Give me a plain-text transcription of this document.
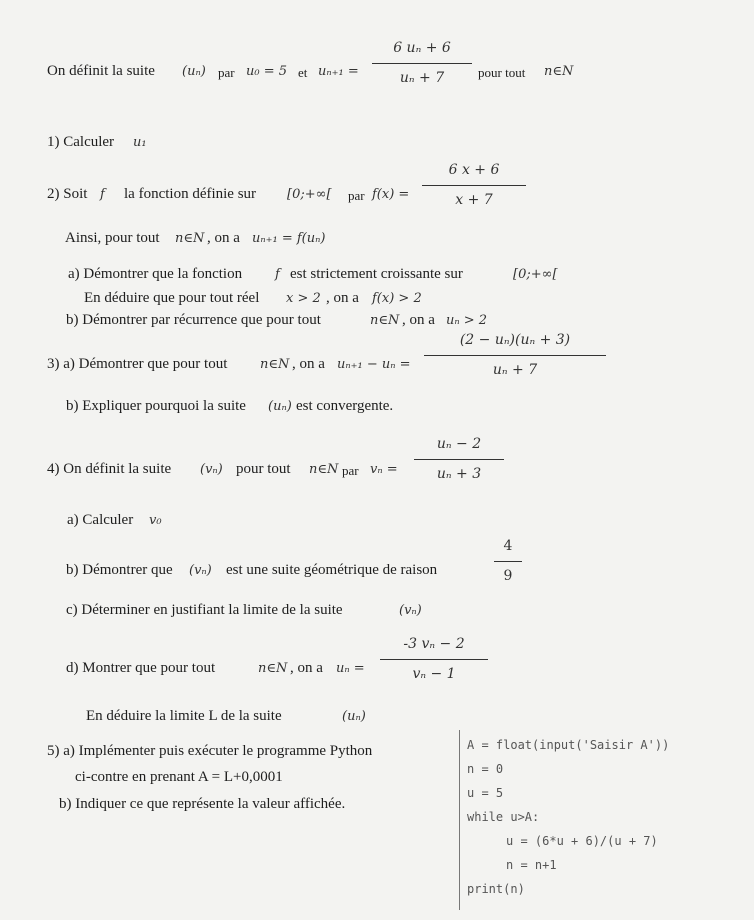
On définit la suite (uₙ) par u₀ = 5 et uₙ₊₁ =
6 uₙ + 6
uₙ + 7	pour tout n∈N
1) Calculer u₁
2) Soit f la fonction définie sur [0;+∞[ par f(x) =
6 x + 6
x + 7
Ainsi, pour tout n∈N , on a uₙ₊₁ = f(uₙ)
a) Démontrer que la fonction	f est strictement croissante sur	[0;+∞[
En déduire que pour tout réel x > 2 , on a f(x) > 2
b) Démontrer par récurrence que pour tout	n∈N , on a uₙ > 2
3) a) Démontrer que pour tout	n∈N , on a uₙ₊₁ − uₙ =
(2 − uₙ)(uₙ + 3)
uₙ + 7
b) Expliquer pourquoi la suite (uₙ) est convergente.
4) On définit la suite (vₙ) pour tout n∈N par vₙ =
uₙ − 2
uₙ + 3
a) Calculer v₀
b) Démontrer que (vₙ) est une suite géométrique de raison
4
9
c) Déterminer en justifiant la limite de la suite	(vₙ)
d) Montrer que pour tout	n∈N , on a uₙ =
-3 vₙ − 2
vₙ − 1
En déduire la limite L de la suite	(uₙ)
5) a) Implémenter puis exécuter le programme Python
ci-contre en prenant A = L+0,0001
b) Indiquer ce que représente la valeur affichée.
A = float(input('Saisir A'))
n = 0
u = 5
while u>A:
u = (6*u + 6)/(u + 7)
n = n+1
print(n)
